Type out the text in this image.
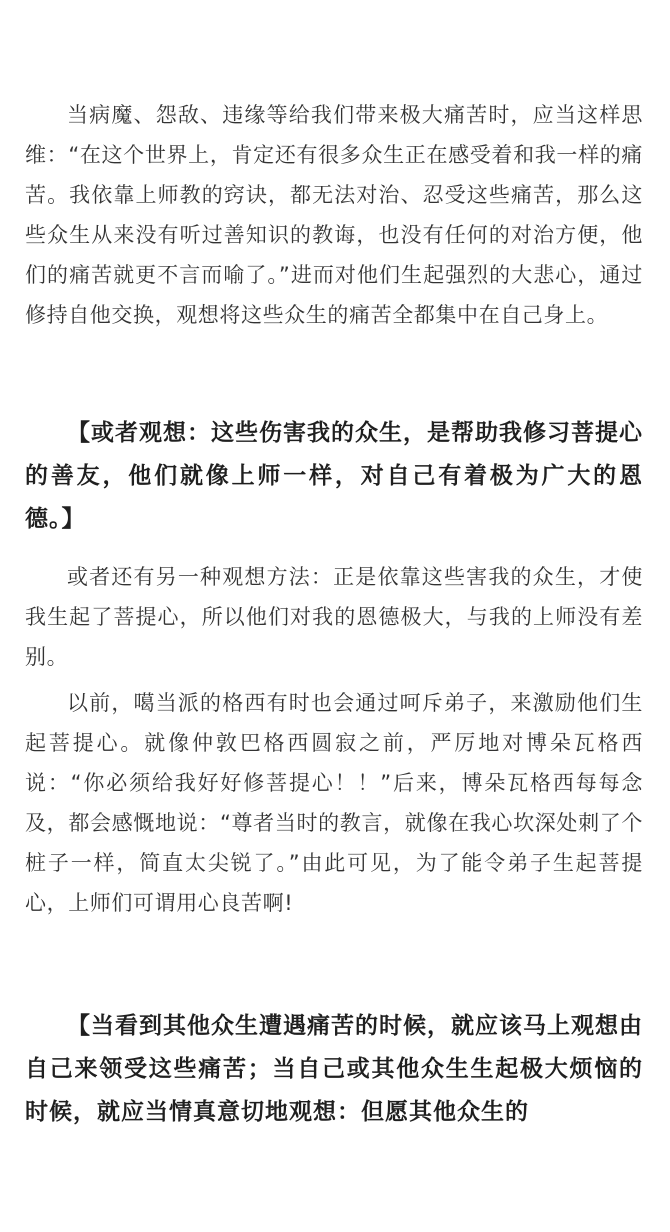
当病魔、怨敌、违缘等给我们带来极大痛苦时，应当这样思维：“在这个世界上，肯定还有很多众生正在感受着和我一样的痛苦。我依靠上师教的窍诀，都无法对治、忍受这些痛苦，那么这些众生从来没有听过善知识的教诲，也没有任何的对治方便，他们的痛苦就更不言而喻了。”进而对他们生起强烈的大悲心，通过修持自他交换，观想将这些众生的痛苦全都集中在自己身上。

【或者观想：这些伤害我的众生，是帮助我修习菩提心的善友，他们就像上师一样，对自己有着极为广大的恩德。】

或者还有另一种观想方法：正是依靠这些害我的众生，才使我生起了菩提心，所以他们对我的恩德极大，与我的上师没有差别。

以前，噶当派的格西有时也会通过呵斥弟子，来激励他们生起菩提心。就像仲敦巴格西圆寂之前，严厉地对博朵瓦格西说：“你必须给我好好修菩提心！！”后来，博朵瓦格西每每念及，都会感慨地说：“尊者当时的教言，就像在我心坎深处刺了个桩子一样，简直太尖锐了。”由此可见，为了能令弟子生起菩提心，上师们可谓用心良苦啊!

【当看到其他众生遭遇痛苦的时候，就应该马上观想由自己来领受这些痛苦；当自己或其他众生生起极大烦恼的时候，就应当情真意切地观想：但愿其他众生的
